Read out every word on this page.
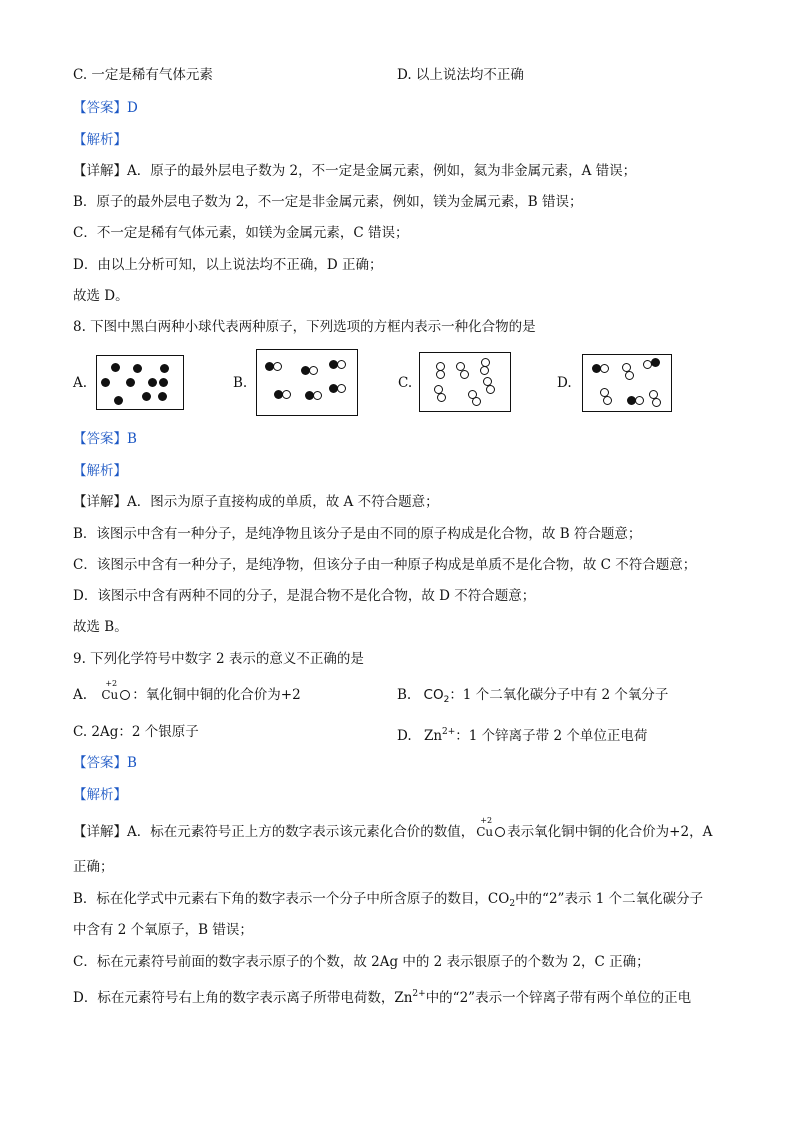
C. 一定是稀有气体元素	D. 以上说法均不正确
【答案】D
【解析】
【详解】A．原子的最外层电子数为 2，不一定是金属元素，例如，氦为非金属元素，A 错误；
B．原子的最外层电子数为 2，不一定是非金属元素，例如，镁为金属元素，B 错误；
C．不一定是稀有气体元素，如镁为金属元素，C 错误；
D．由以上分析可知，以上说法均不正确，D 正确；
故选 D。
8. 下图中黑白两种小球代表两种原子，下列选项的方框内表示一种化合物的是
A.	B.	C.	D.
【答案】B
【解析】
【详解】A．图示为原子直接构成的单质，故 A 不符合题意；
B．该图示中含有一种分子，是纯净物且该分子是由不同的原子构成是化合物，故 B 符合题意；
C．该图示中含有一种分子，是纯净物，但该分子由一种原子构成是单质不是化合物，故 C 不符合题意；
D．该图示中含有两种不同的分子，是混合物不是化合物，故 D 不符合题意；
故选 B。
9. 下列化学符号中数字 2 表示的意义不正确的是
A.
+2
Cu ：氧化铜中铜的化合价为+2	B. $CO_2$：1 个二氧化碳分子中有 2 个氧分子
C. 2Ag：2 个银原子	D. $Zn^{2+}$：1 个锌离子带 2 个单位正电荷
【答案】B
【解析】
【详解】A．标在元素符号正上方的数字表示该元素化合价的数值，
+2
Cu 表示氧化铜中铜的化合价为+2，A
正确；
B．标在化学式中元素右下角的数字表示一个分子中所含原子的数目，$CO_2$中的“2”表示 1 个二氧化碳分子
中含有 2 个氧原子，B 错误；
C．标在元素符号前面的数字表示原子的个数，故 2Ag 中的 2 表示银原子的个数为 2，C 正确；
D．标在元素符号右上角的数字表示离子所带电荷数，$Zn^{2+}$中的“2”表示一个锌离子带有两个单位的正电
